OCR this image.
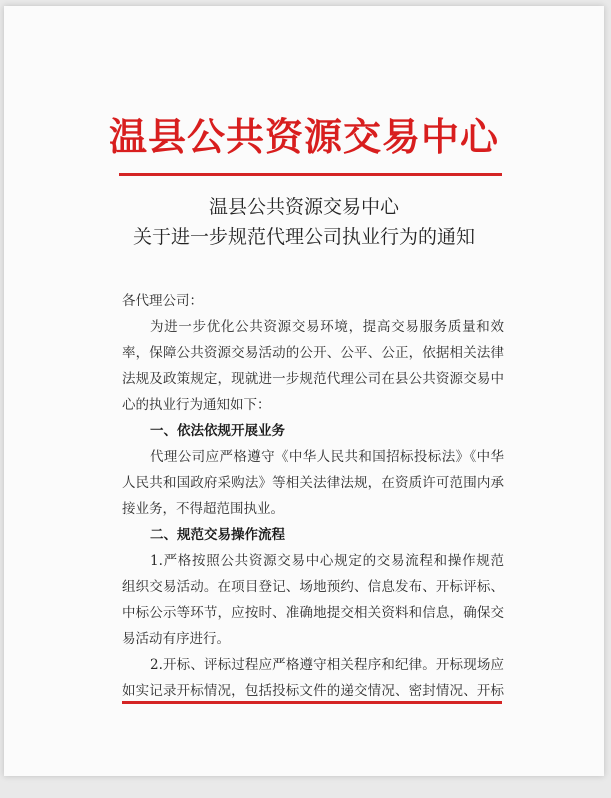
温县公共资源交易中心
温县公共资源交易中心
关于进一步规范代理公司执业行为的通知
各代理公司：
为进一步优化公共资源交易环境，提高交易服务质量和效
率，保障公共资源交易活动的公开、公平、公正，依据相关法律
法规及政策规定，现就进一步规范代理公司在县公共资源交易中
心的执业行为通知如下：
一、依法依规开展业务
代理公司应严格遵守《中华人民共和国招标投标法》《中华
人民共和国政府采购法》等相关法律法规，在资质许可范围内承
接业务，不得超范围执业。
二、规范交易操作流程
1.严格按照公共资源交易中心规定的交易流程和操作规范
组织交易活动。在项目登记、场地预约、信息发布、开标评标、
中标公示等环节，应按时、准确地提交相关资料和信息，确保交
易活动有序进行。
2.开标、评标过程应严格遵守相关程序和纪律。开标现场应
如实记录开标情况，包括投标文件的递交情况、密封情况、开标
